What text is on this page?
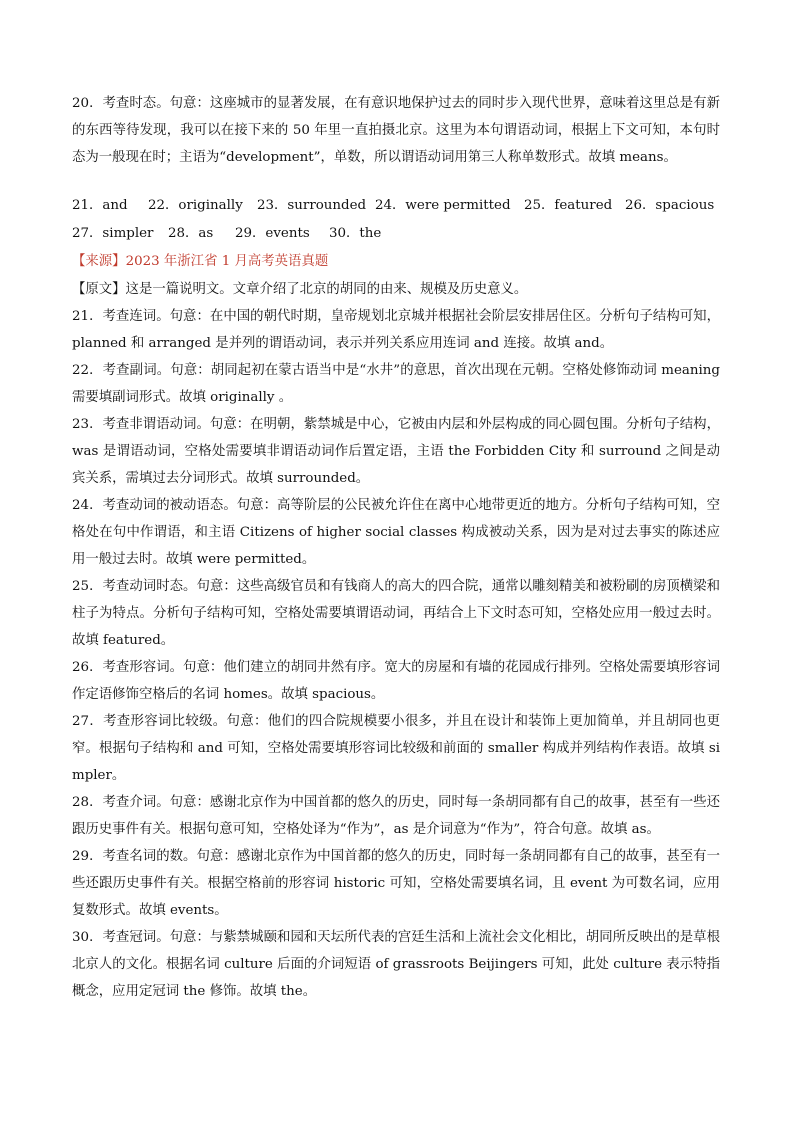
20．考查时态。句意：这座城市的显著发展，在有意识地保护过去的同时步入现代世界，意味着这里总是有新的东西等待发现，我可以在接下来的 50 年里一直拍摄北京。这里为本句谓语动词，根据上下文可知，本句时态为一般现在时；主语为“development”，单数，所以谓语动词用第三人称单数形式。故填 means。

21．and	22．originally	23．surrounded 24．were permitted	25．featured 26．spacious
27．simpler	28．as	29．events	30．the
【来源】2023 年浙江省 1 月高考英语真题

【原文】这是一篇说明文。文章介绍了北京的胡同的由来、规模及历史意义。

21．考查连词。句意：在中国的朝代时期，皇帝规划北京城并根据社会阶层安排居住区。分析句子结构可知，planned 和 arranged 是并列的谓语动词，表示并列关系应用连词 and 连接。故填 and。

22．考查副词。句意：胡同起初在蒙古语当中是“水井”的意思，首次出现在元朝。空格处修饰动词 meaning 需要填副词形式。故填 originally 。

23．考查非谓语动词。句意：在明朝，紫禁城是中心，它被由内层和外层构成的同心圆包围。分析句子结构，was 是谓语动词，空格处需要填非谓语动词作后置定语，主语 the Forbidden City 和 surround 之间是动宾关系，需填过去分词形式。故填 surrounded。

24．考查动词的被动语态。句意：高等阶层的公民被允许住在离中心地带更近的地方。分析句子结构可知，空格处在句中作谓语，和主语 Citizens of higher social classes 构成被动关系，因为是对过去事实的陈述应用一般过去时。故填 were permitted。

25．考查动词时态。句意：这些高级官员和有钱商人的高大的四合院，通常以雕刻精美和被粉刷的房顶横梁和柱子为特点。分析句子结构可知，空格处需要填谓语动词，再结合上下文时态可知，空格处应用一般过去时。故填 featured。

26．考查形容词。句意：他们建立的胡同井然有序。宽大的房屋和有墙的花园成行排列。空格处需要填形容词作定语修饰空格后的名词 homes。故填 spacious。

27．考查形容词比较级。句意：他们的四合院规模要小很多，并且在设计和装饰上更加简单，并且胡同也更窄。根据句子结构和 and 可知，空格处需要填形容词比较级和前面的 smaller 构成并列结构作表语。故填 simpler。

28．考查介词。句意：感谢北京作为中国首都的悠久的历史，同时每一条胡同都有自己的故事，甚至有一些还跟历史事件有关。根据句意可知，空格处译为“作为”，as 是介词意为“作为”，符合句意。故填 as。

29．考查名词的数。句意：感谢北京作为中国首都的悠久的历史，同时每一条胡同都有自己的故事，甚至有一些还跟历史事件有关。根据空格前的形容词 historic 可知，空格处需要填名词，且 event 为可数名词，应用复数形式。故填 events。

30．考查冠词。句意：与紫禁城颐和园和天坛所代表的宫廷生活和上流社会文化相比，胡同所反映出的是草根北京人的文化。根据名词 culture 后面的介词短语 of grassroots Beijingers 可知，此处 culture 表示特指概念，应用定冠词 the 修饰。故填 the。
